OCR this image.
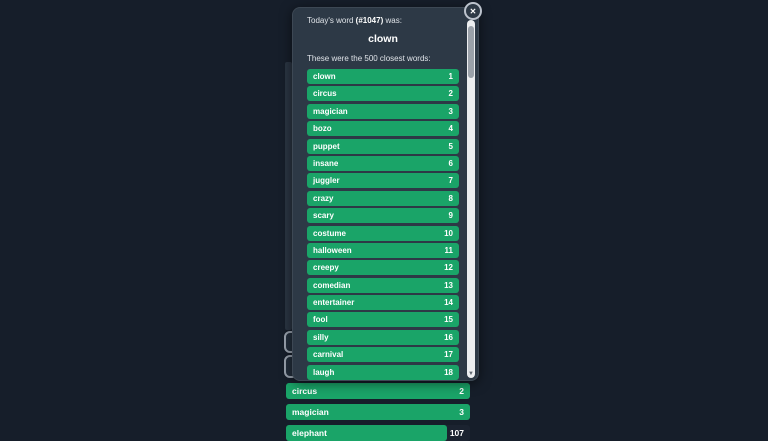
✕
Today's word (#1047) was:
clown
These were the 500 closest words:
clown	1
circus	2
magician	3
bozo	4
puppet	5
insane	6
juggler	7
crazy	8
scary	9
costume	10
halloween	11
creepy	12
comedian	13
entertainer	14
fool	15
silly	16
carnival	17
laugh	18	▼
circus	2
magician	3
elephant	107
